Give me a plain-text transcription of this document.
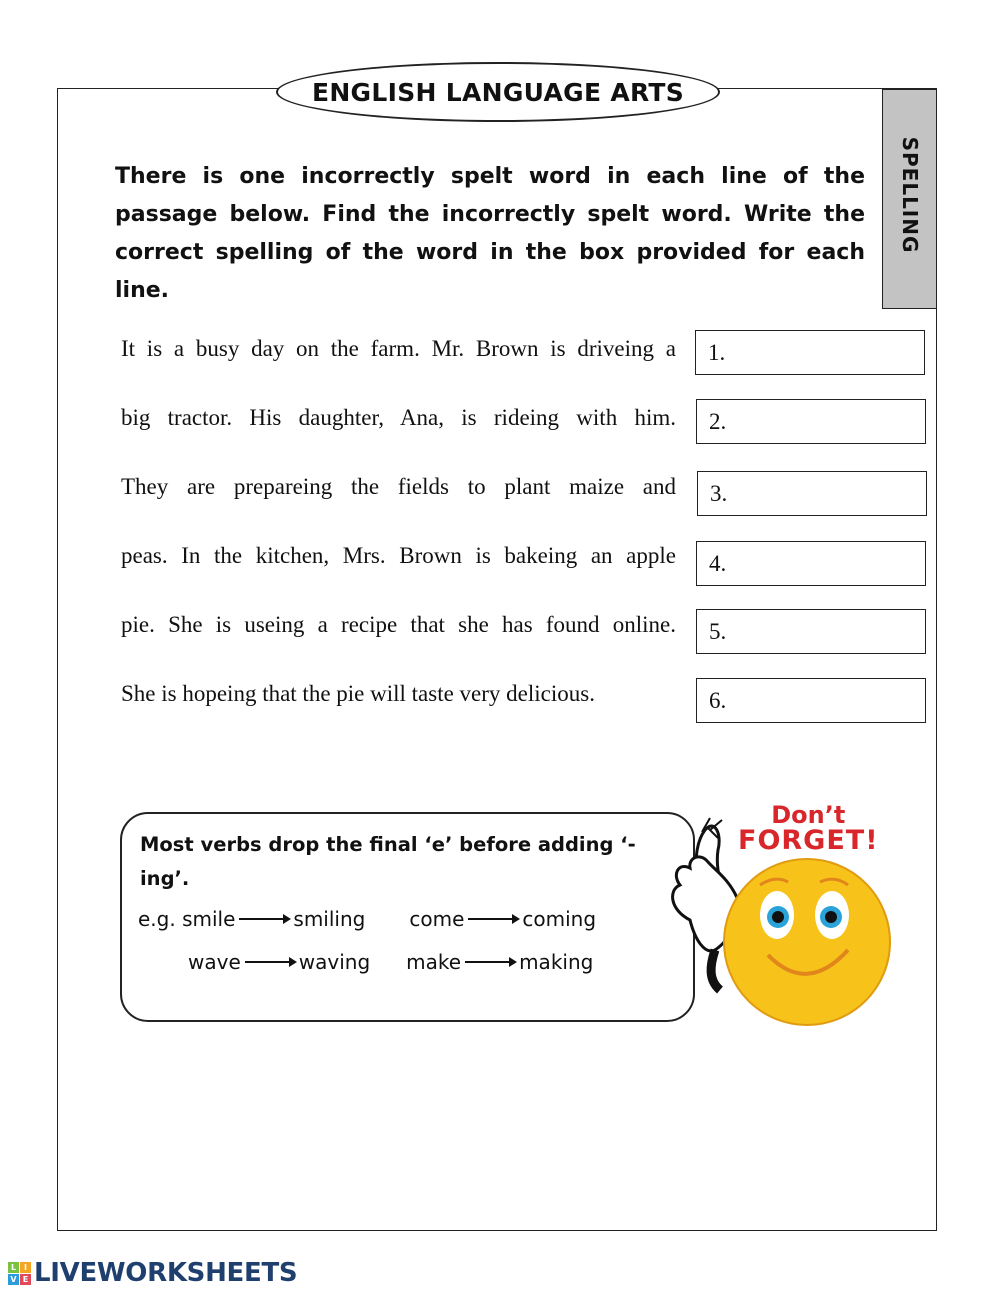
ENGLISH LANGUAGE ARTS
SPELLING
There is one incorrectly spelt word in each line of the passage below. Find the incorrectly spelt word. Write the correct spelling of the word in the box provided for each line.
It is a busy day on the farm. Mr. Brown is driveing a
big tractor. His daughter, Ana, is rideing with him.
They are prepareing the fields to plant maize and
peas. In the kitchen, Mrs. Brown is bakeing an apple
pie. She is useing a recipe that she has found online.
She is hopeing that the pie will taste very delicious.
1.
2.
3.
4.
5.
6.
Most verbs drop the final ‘e’ before adding ‘-ing’.
e.g.
smile	smiling come	coming
wave	waving make	making
Don’t
FORGET!
L I
V E LIVEWORKSHEETS
